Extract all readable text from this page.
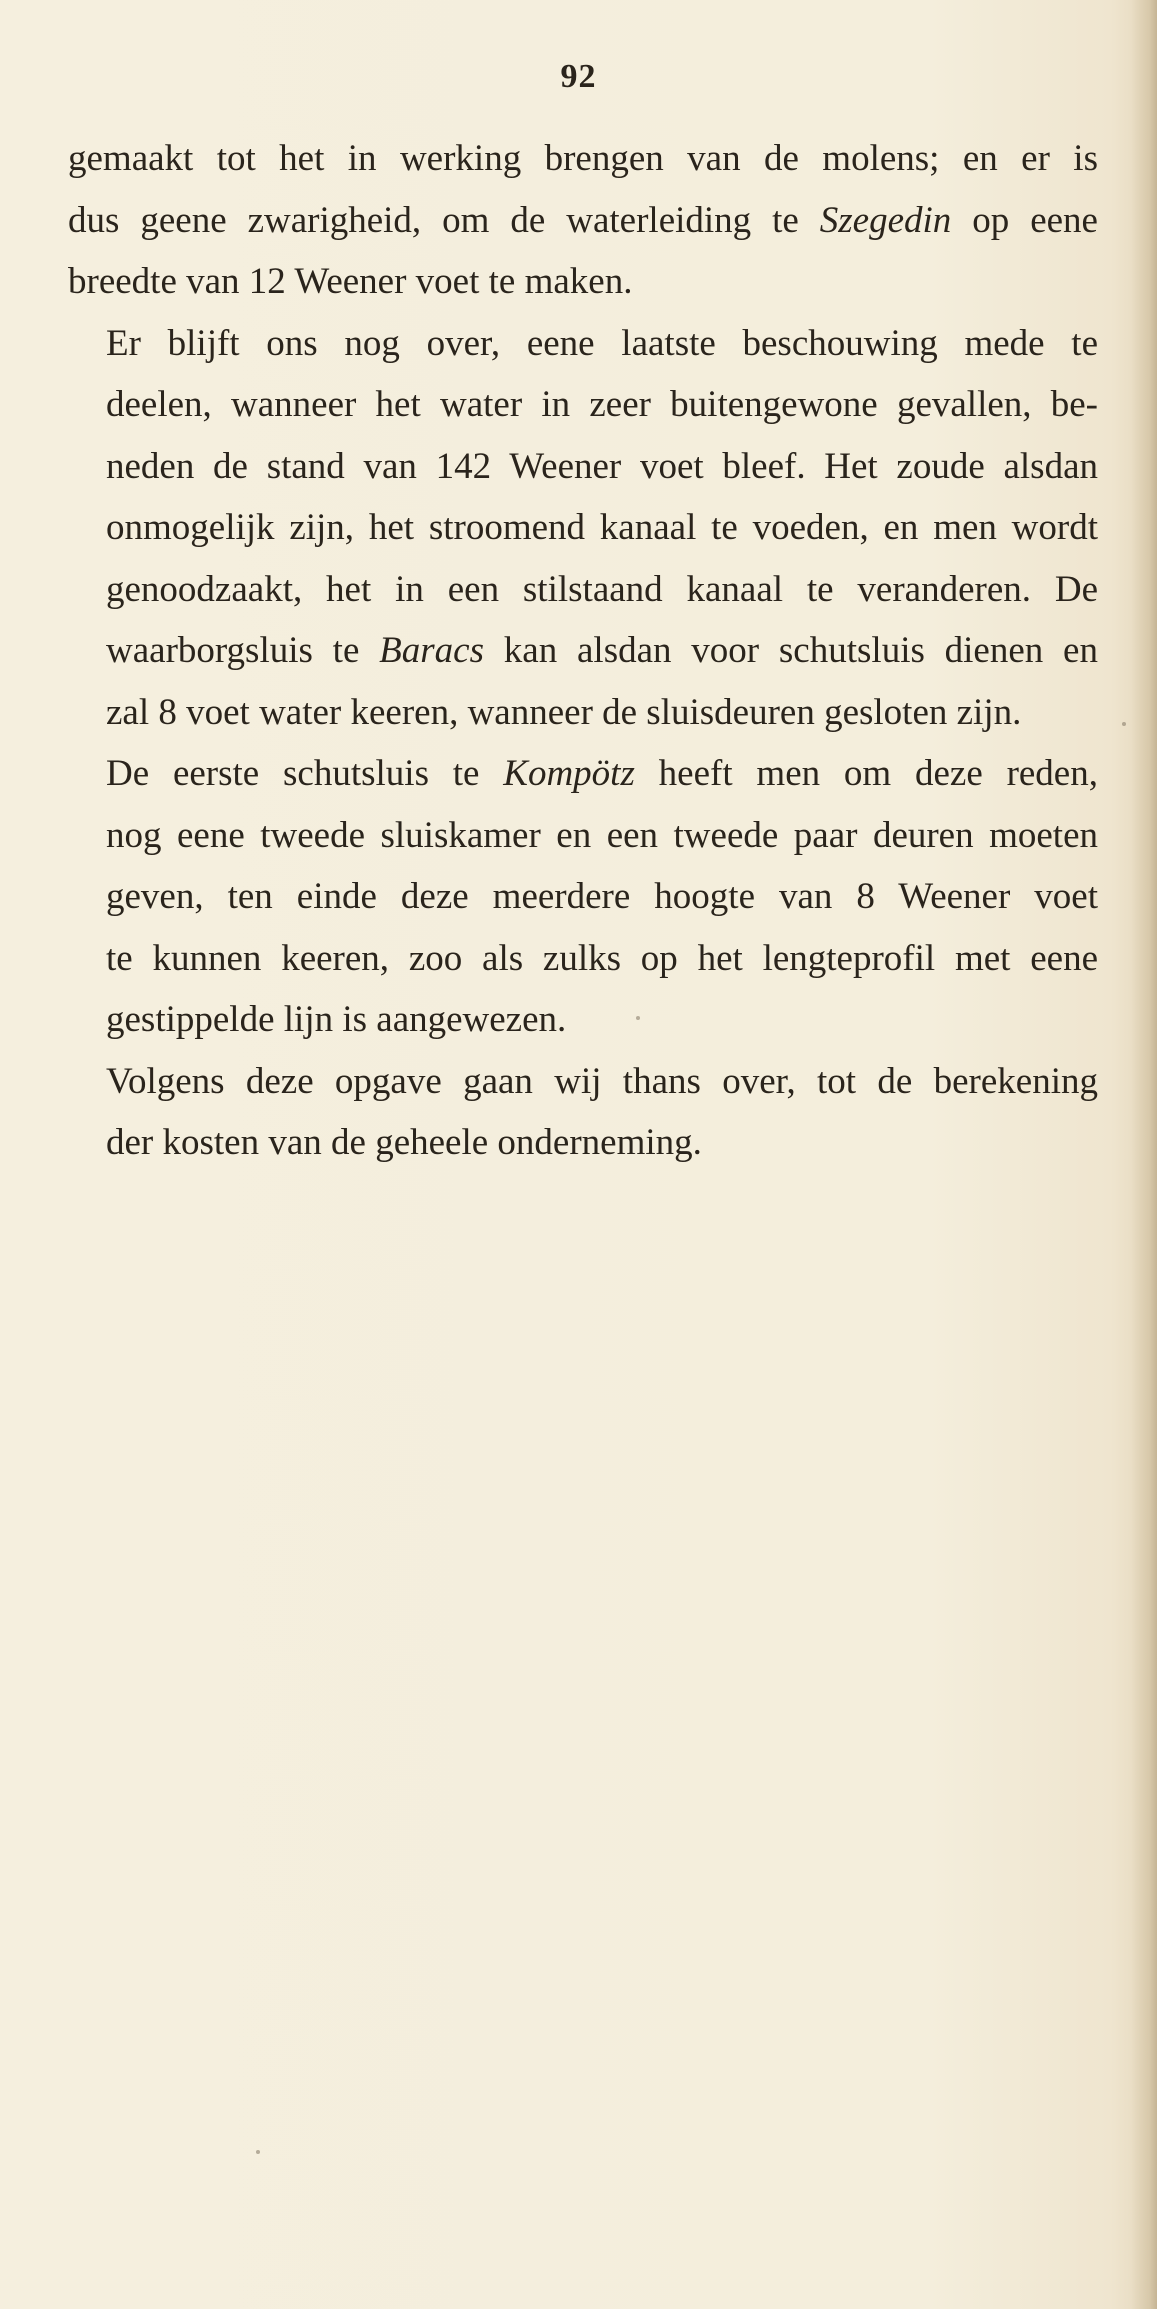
92
gemaakt tot het in werking brengen van de molens; en er is
dus geene zwarigheid, om de waterleiding te Szegedin op eene
breedte van 12 Weener voet te maken.
Er blijft ons nog over, eene laatste beschouwing mede te
deelen, wanneer het water in zeer buitengewone gevallen, be-
neden de stand van 142 Weener voet bleef. Het zoude alsdan
onmogelijk zijn, het stroomend kanaal te voeden, en men wordt
genoodzaakt, het in een stilstaand kanaal te veranderen. De
waarborgsluis te Baracs kan alsdan voor schutsluis dienen en
zal 8 voet water keeren, wanneer de sluisdeuren gesloten zijn.
De eerste schutsluis te Kompötz heeft men om deze reden,
nog eene tweede sluiskamer en een tweede paar deuren moeten
geven, ten einde deze meerdere hoogte van 8 Weener voet
te kunnen keeren, zoo als zulks op het lengteprofil met eene
gestippelde lijn is aangewezen.
Volgens deze opgave gaan wij thans over, tot de berekening
der kosten van de geheele onderneming.
